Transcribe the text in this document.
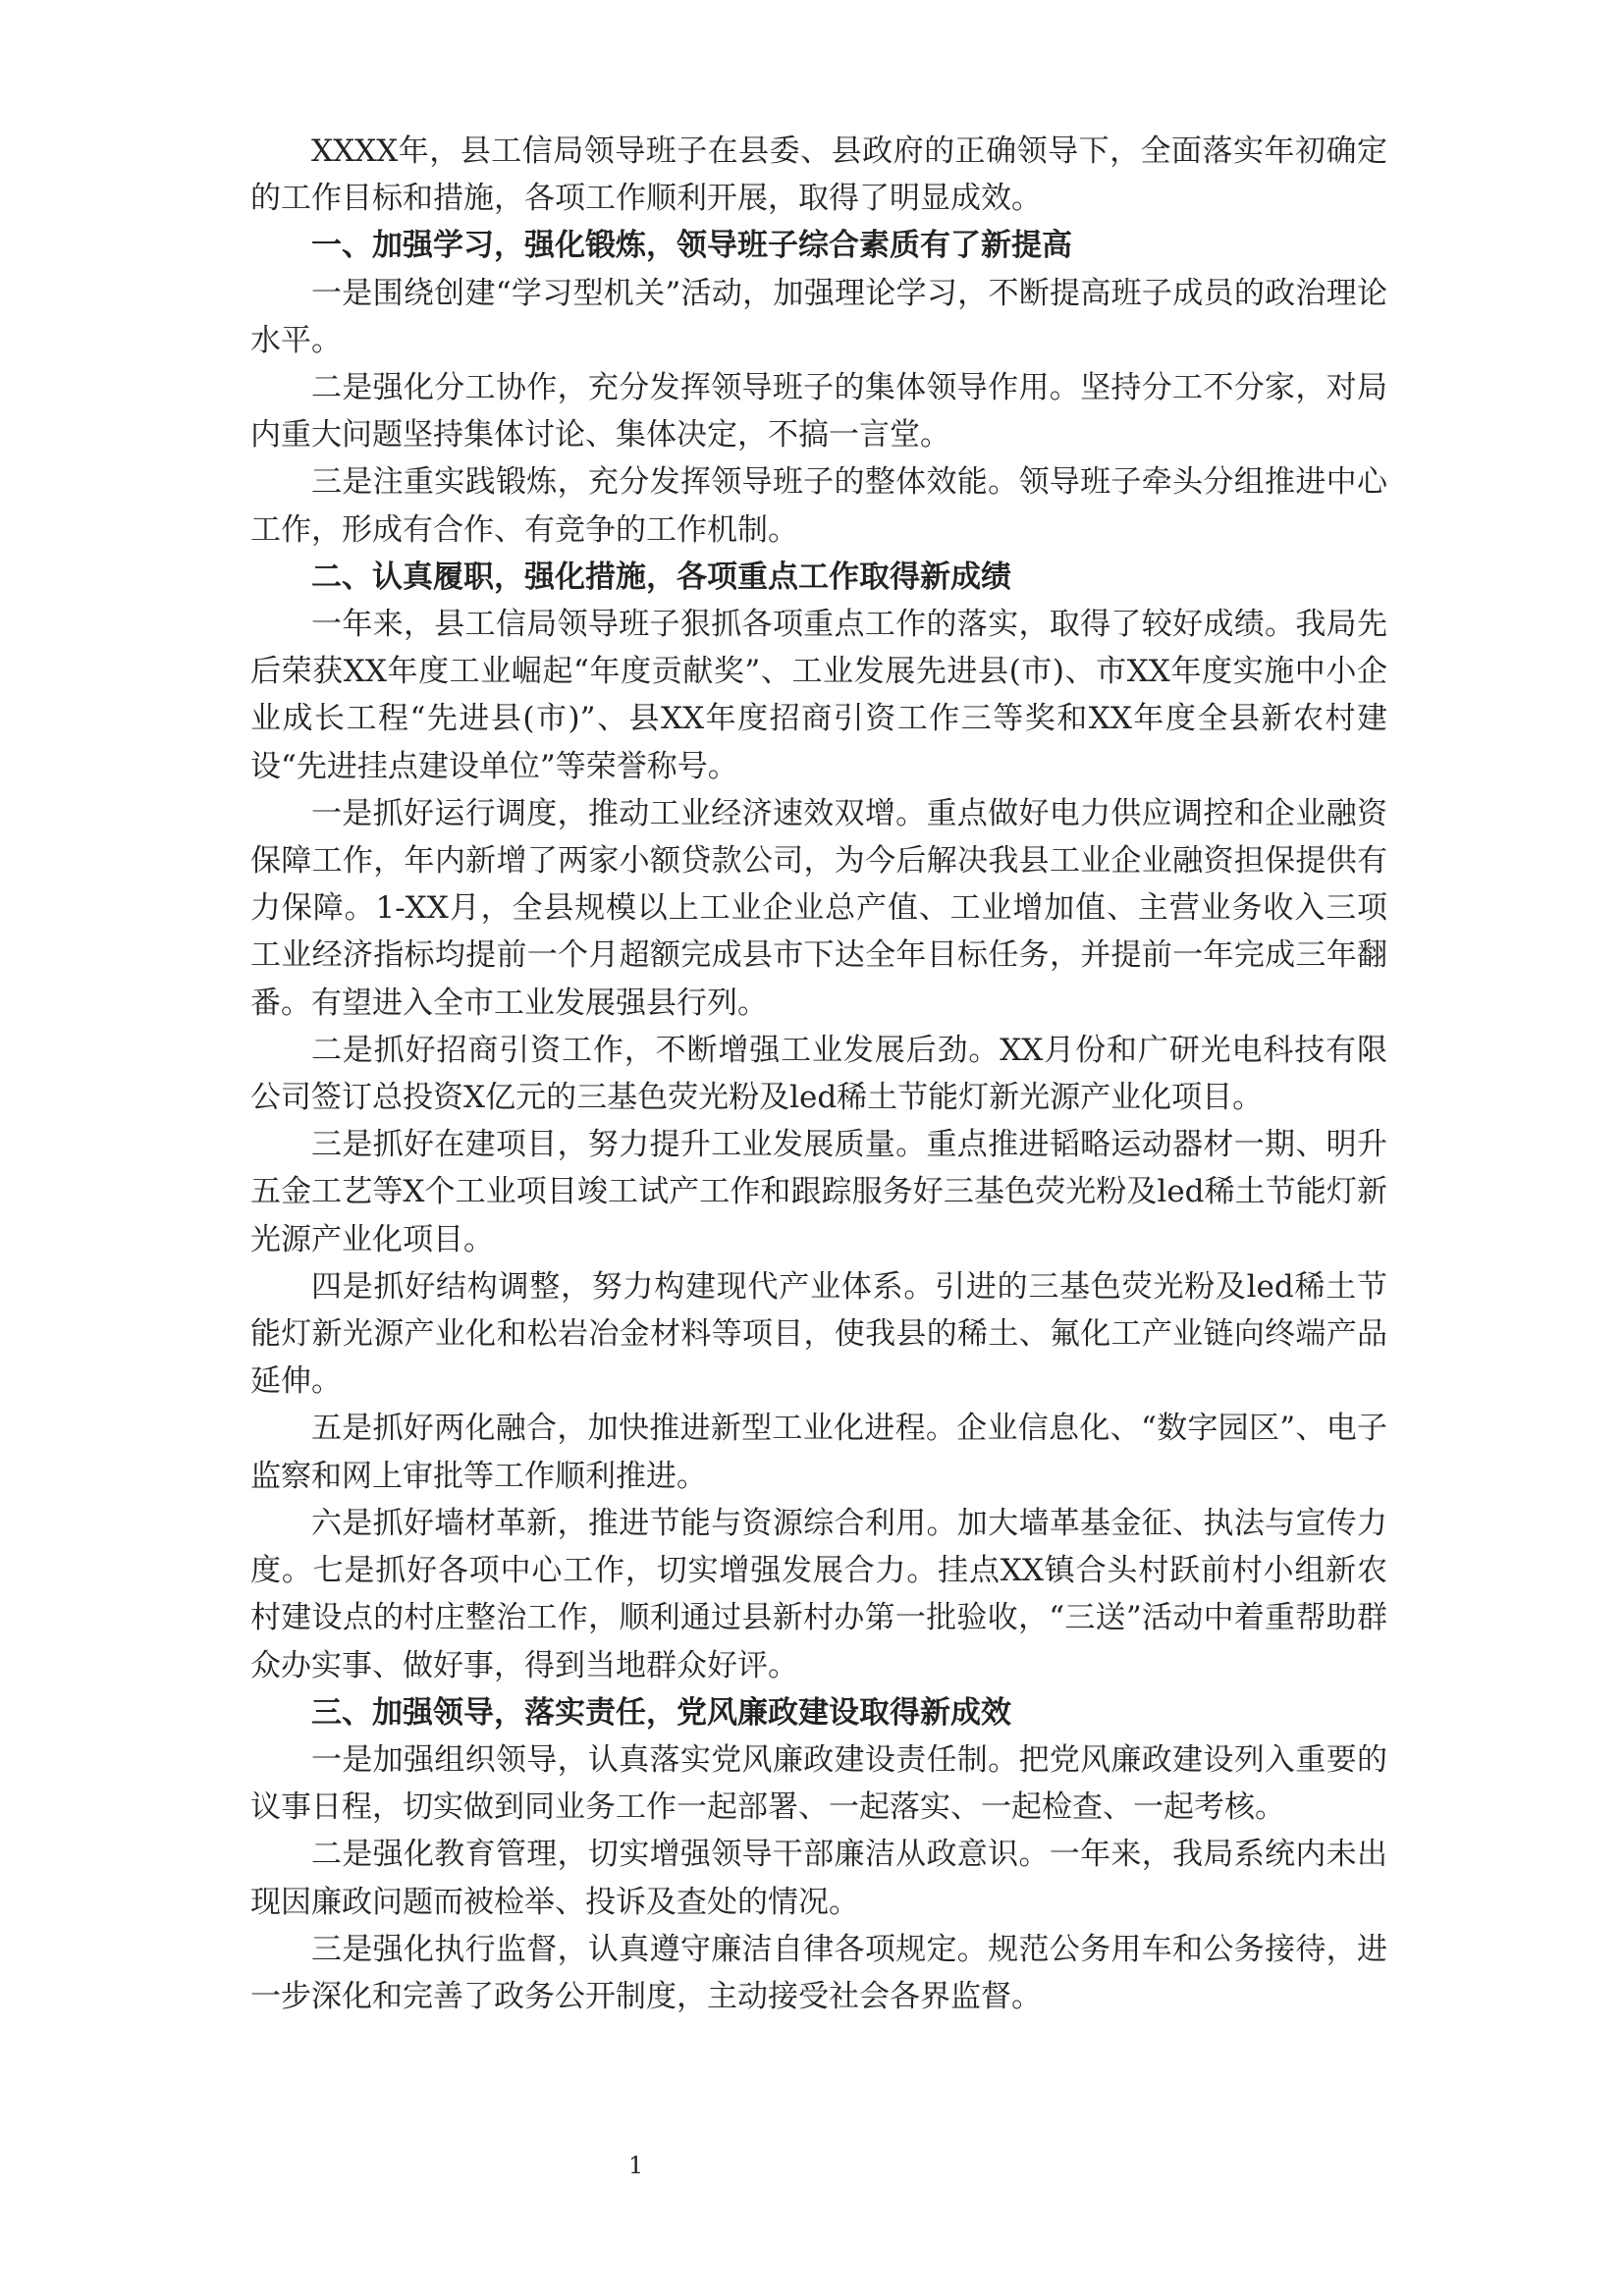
XXXX年，县工信局领导班子在县委、县政府的正确领导下，全面落实年初确定的工作目标和措施，各项工作顺利开展，取得了明显成效。

一、加强学习，强化锻炼，领导班子综合素质有了新提高

一是围绕创建“学习型机关”活动，加强理论学习，不断提高班子成员的政治理论水平。

二是强化分工协作，充分发挥领导班子的集体领导作用。坚持分工不分家，对局内重大问题坚持集体讨论、集体决定，不搞一言堂。

三是注重实践锻炼，充分发挥领导班子的整体效能。领导班子牵头分组推进中心工作，形成有合作、有竞争的工作机制。

二、认真履职，强化措施，各项重点工作取得新成绩

一年来，县工信局领导班子狠抓各项重点工作的落实，取得了较好成绩。我局先后荣获XX年度工业崛起“年度贡献奖”、工业发展先进县(市)、市XX年度实施中小企业成长工程“先进县(市)”、县XX年度招商引资工作三等奖和XX年度全县新农村建设“先进挂点建设单位”等荣誉称号。

一是抓好运行调度，推动工业经济速效双增。重点做好电力供应调控和企业融资保障工作，年内新增了两家小额贷款公司，为今后解决我县工业企业融资担保提供有力保障。1-XX月，全县规模以上工业企业总产值、工业增加值、主营业务收入三项工业经济指标均提前一个月超额完成县市下达全年目标任务，并提前一年完成三年翻番。有望进入全市工业发展强县行列。

二是抓好招商引资工作，不断增强工业发展后劲。XX月份和广研光电科技有限公司签订总投资X亿元的三基色荧光粉及led稀土节能灯新光源产业化项目。

三是抓好在建项目，努力提升工业发展质量。重点推进韬略运动器材一期、明升五金工艺等X个工业项目竣工试产工作和跟踪服务好三基色荧光粉及led稀土节能灯新光源产业化项目。

四是抓好结构调整，努力构建现代产业体系。引进的三基色荧光粉及led稀土节能灯新光源产业化和松岩冶金材料等项目，使我县的稀土、氟化工产业链向终端产品延伸。

五是抓好两化融合，加快推进新型工业化进程。企业信息化、“数字园区”、电子监察和网上审批等工作顺利推进。

六是抓好墙材革新，推进节能与资源综合利用。加大墙革基金征、执法与宣传力度。七是抓好各项中心工作，切实增强发展合力。挂点XX镇合头村跃前村小组新农村建设点的村庄整治工作，顺利通过县新村办第一批验收，“三送”活动中着重帮助群众办实事、做好事，得到当地群众好评。

三、加强领导，落实责任，党风廉政建设取得新成效

一是加强组织领导，认真落实党风廉政建设责任制。把党风廉政建设列入重要的议事日程，切实做到同业务工作一起部署、一起落实、一起检查、一起考核。

二是强化教育管理，切实增强领导干部廉洁从政意识。一年来，我局系统内未出现因廉政问题而被检举、投诉及查处的情况。

三是强化执行监督，认真遵守廉洁自律各项规定。规范公务用车和公务接待，进一步深化和完善了政务公开制度，主动接受社会各界监督。

1
